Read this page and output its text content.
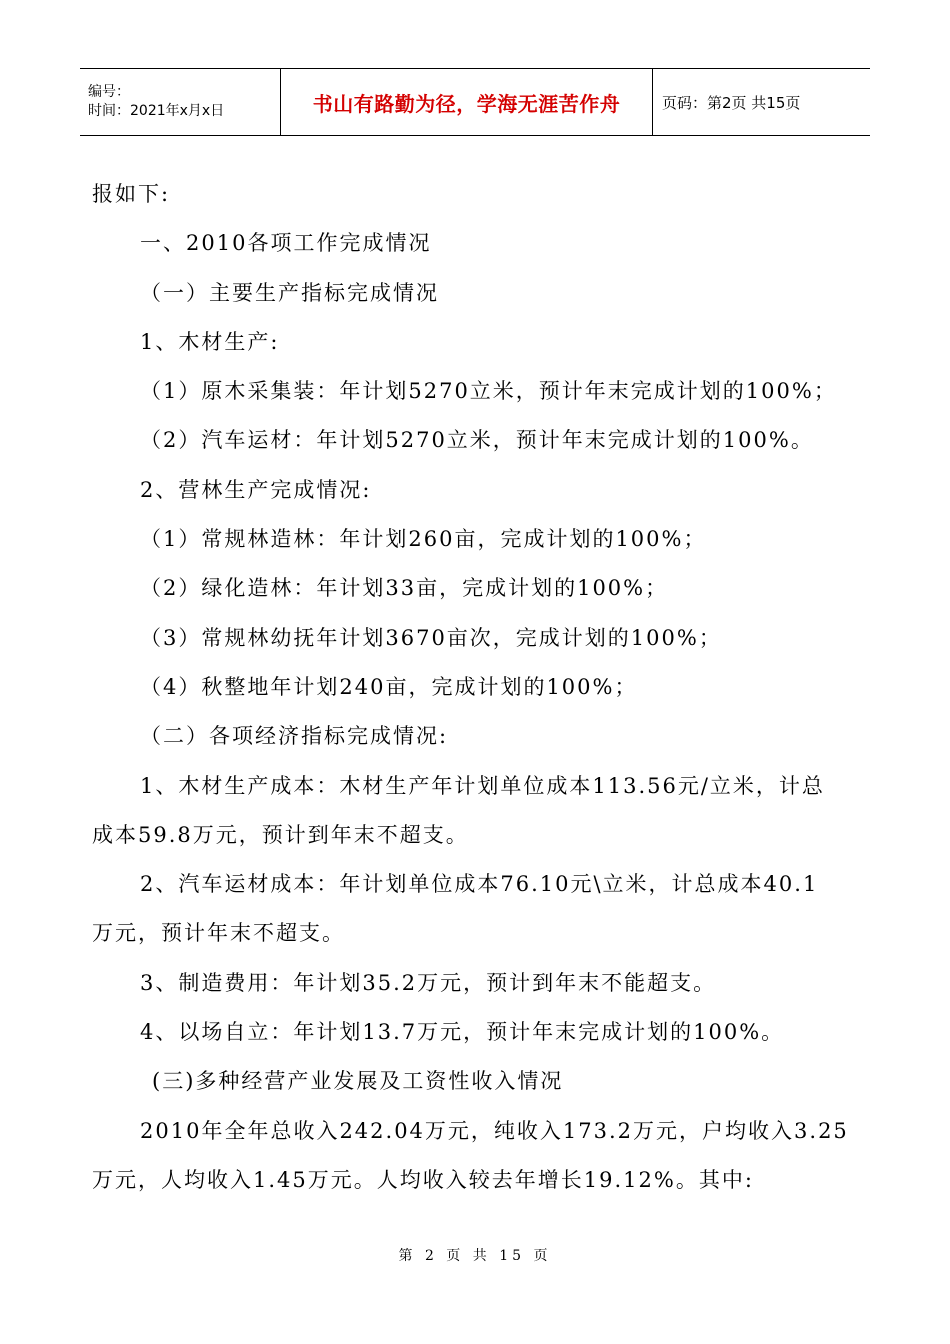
编号：
时间：2021年x月x日	书山有路勤为径，学海无涯苦作舟	页码：第2页 共15页
报如下:
一、2010各项工作完成情况
（一）主要生产指标完成情况
1、木材生产:
（1）原木采集装：年计划5270立米，预计年末完成计划的100%；
（2）汽车运材：年计划5270立米，预计年末完成计划的100%。
2、营林生产完成情况:
（1）常规林造林：年计划260亩，完成计划的100%；
（2）绿化造林：年计划33亩，完成计划的100%；
（3）常规林幼抚年计划3670亩次，完成计划的100%；
（4）秋整地年计划240亩，完成计划的100%；
（二）各项经济指标完成情况:
1、木材生产成本：木材生产年计划单位成本113.56元/立米，计总
成本59.8万元，预计到年末不超支。
2、汽车运材成本：年计划单位成本76.10元\立米，计总成本40.1
万元，预计年末不超支。
3、制造费用：年计划35.2万元，预计到年末不能超支。
4、以场自立：年计划13.7万元，预计年末完成计划的100%。
(三)多种经营产业发展及工资性收入情况
2010年全年总收入242.04万元，纯收入173.2万元，户均收入3.25
万元，人均收入1.45万元。人均收入较去年增长19.12%。其中:
第 2 页 共 15 页
